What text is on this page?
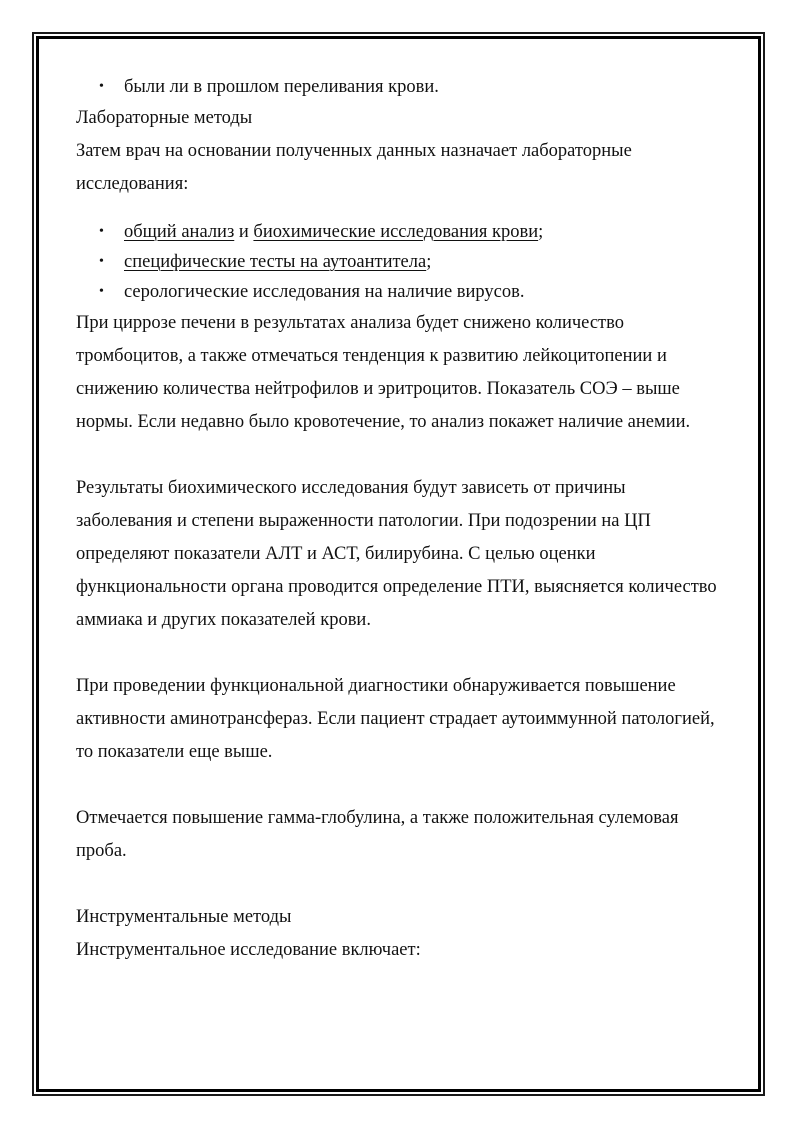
• были ли в прошлом переливания крови.

Лабораторные методы

Затем врач на основании полученных данных назначает лабораторные исследования:

• общий анализ и биохимические исследования крови;
• специфические тесты на аутоантитела;
• серологические исследования на наличие вирусов.

При циррозе печени в результатах анализа будет снижено количество тромбоцитов, а также отмечаться тенденция к развитию лейкоцитопении и снижению количества нейтрофилов и эритроцитов. Показатель СОЭ – выше нормы. Если недавно было кровотечение, то анализ покажет наличие анемии.

Результаты биохимического исследования будут зависеть от причины заболевания и степени выраженности патологии. При подозрении на ЦП определяют показатели АЛТ и АСТ, билирубина. С целью оценки функциональности органа проводится определение ПТИ, выясняется количество аммиака и других показателей крови.

При проведении функциональной диагностики обнаруживается повышение активности аминотрансфераз. Если пациент страдает аутоиммунной патологией, то показатели еще выше.

Отмечается повышение гамма-глобулина, а также положительная сулемовая проба.

Инструментальные методы

Инструментальное исследование включает:
